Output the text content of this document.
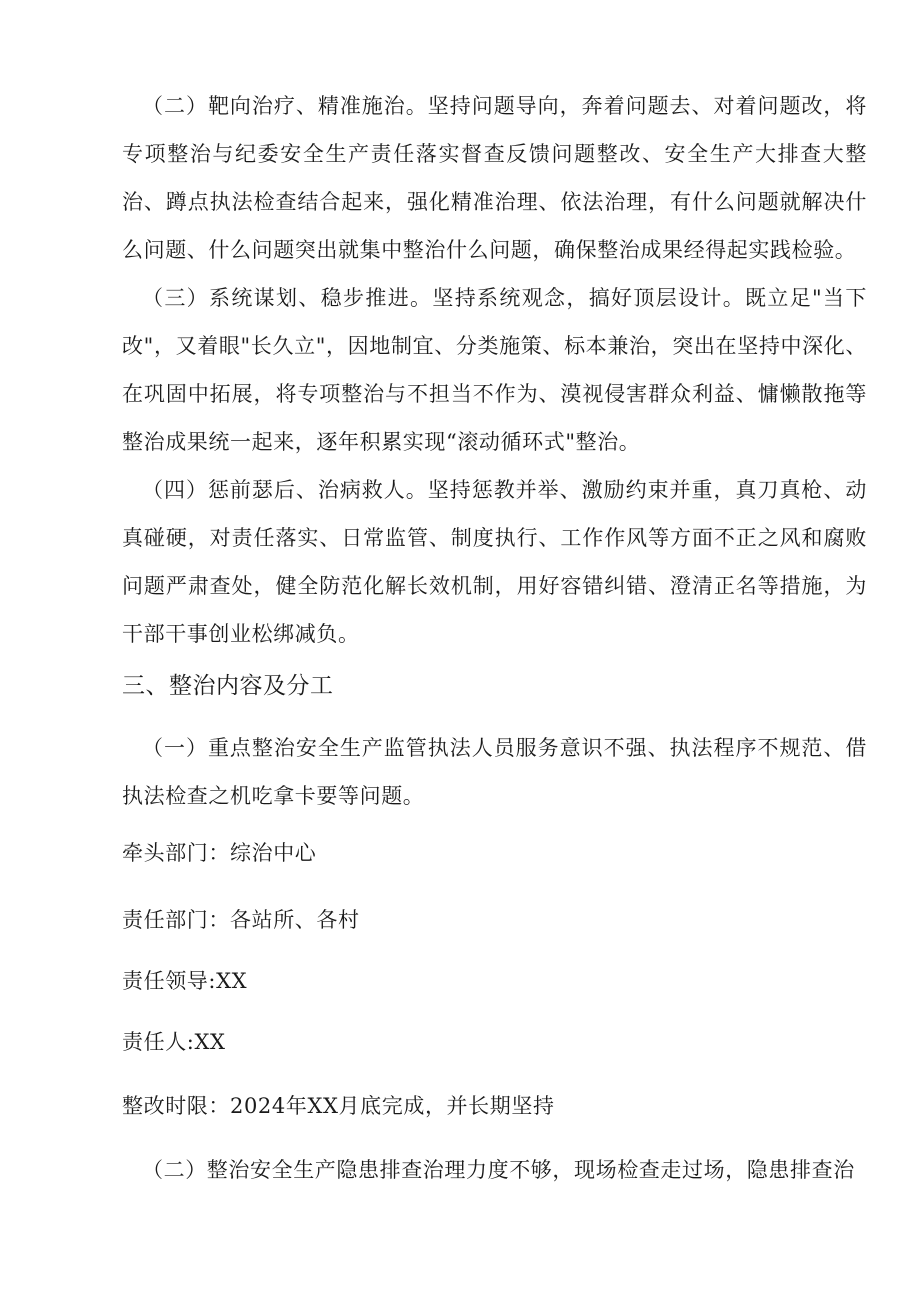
（二）靶向治疗、精准施治。坚持问题导向，奔着问题去、对着问题改，将专项整治与纪委安全生产责任落实督查反馈问题整改、安全生产大排查大整治、蹲点执法检查结合起来，强化精准治理、依法治理，有什么问题就解决什么问题、什么问题突出就集中整治什么问题，确保整治成果经得起实践检验。

（三）系统谋划、稳步推进。坚持系统观念，搞好顶层设计。既立足"当下改"，又着眼"长久立"，因地制宜、分类施策、标本兼治，突出在坚持中深化、在巩固中拓展，将专项整治与不担当不作为、漠视侵害群众利益、慵懒散拖等整治成果统一起来，逐年积累实现“滚动循环式"整治。

（四）惩前瑟后、治病救人。坚持惩教并举、激励约束并重，真刀真枪、动真碰硬，对责任落实、日常监管、制度执行、工作作风等方面不正之风和腐败问题严肃查处，健全防范化解长效机制，用好容错纠错、澄清正名等措施，为干部干事创业松绑减负。

三、整治内容及分工

（一）重点整治安全生产监管执法人员服务意识不强、执法程序不规范、借执法检查之机吃拿卡要等问题。

牵头部门：综治中心

责任部门：各站所、各村

责任领导:XX

责任人:XX

整改时限：2024年XX月底完成，并长期坚持

（二）整治安全生产隐患排查治理力度不够，现场检查走过场，隐患排查治
